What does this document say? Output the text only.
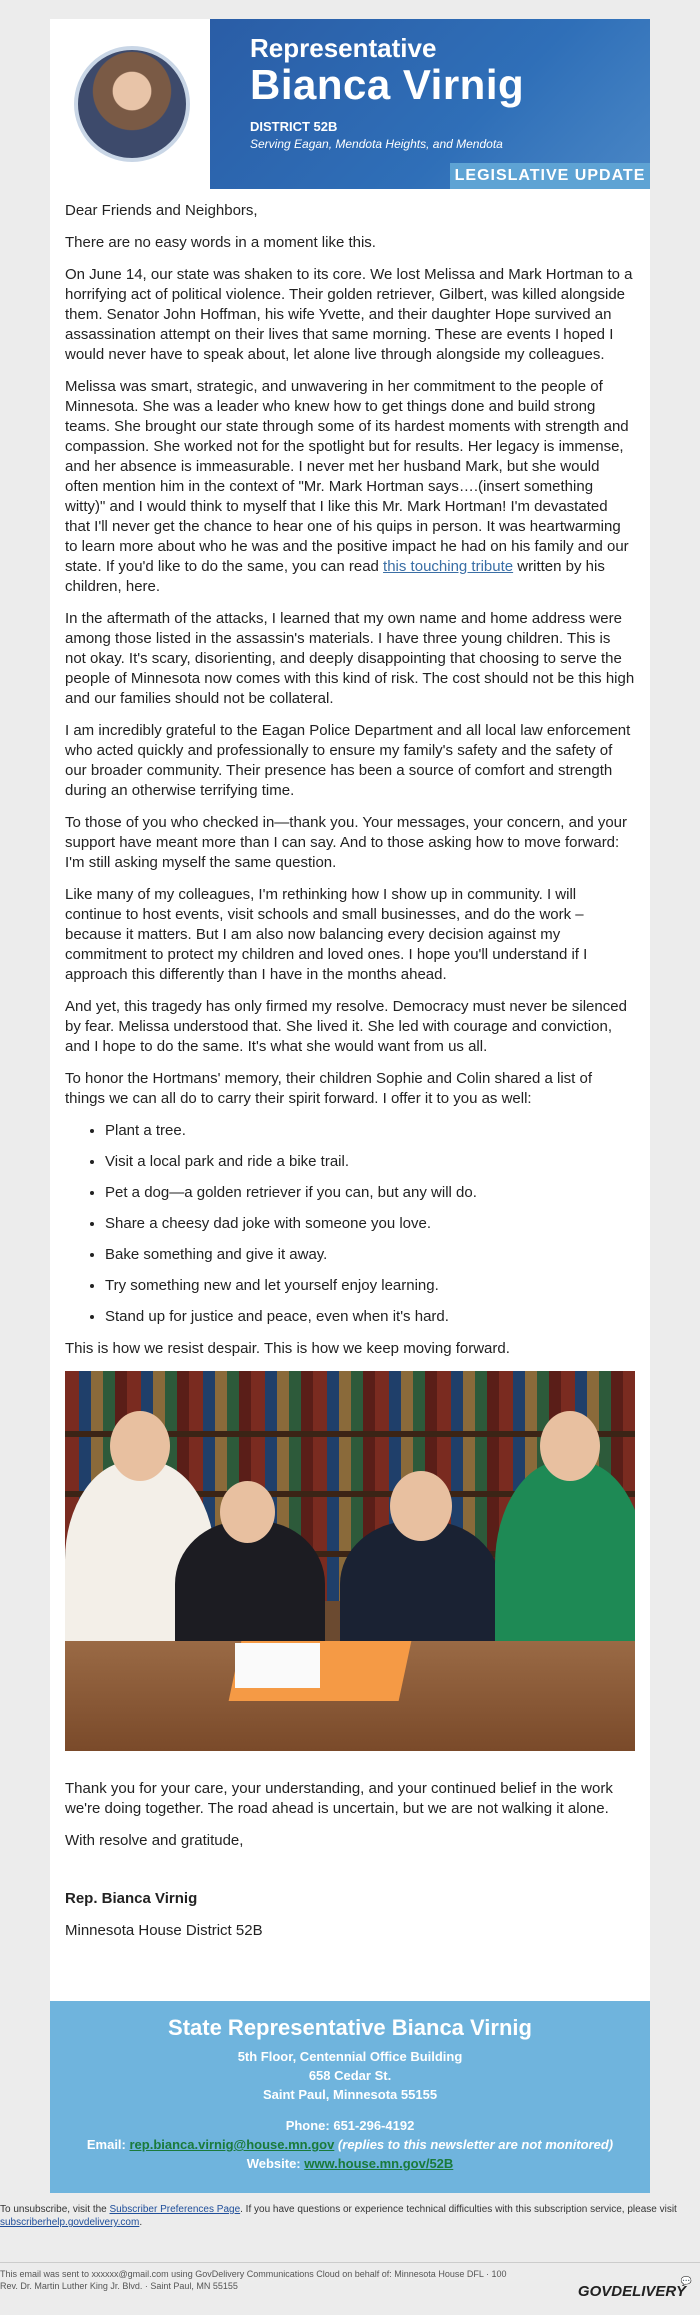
Representative
Bianca Virnig
DISTRICT 52B
Serving Eagan, Mendota Heights, and Mendota
LEGISLATIVE UPDATE

Dear Friends and Neighbors,

There are no easy words in a moment like this.

On June 14, our state was shaken to its core. We lost Melissa and Mark Hortman to a horrifying act of political violence. Their golden retriever, Gilbert, was killed alongside them. Senator John Hoffman, his wife Yvette, and their daughter Hope survived an assassination attempt on their lives that same morning. These are events I hoped I would never have to speak about, let alone live through alongside my colleagues.

Melissa was smart, strategic, and unwavering in her commitment to the people of Minnesota. She was a leader who knew how to get things done and build strong teams. She brought our state through some of its hardest moments with strength and compassion. She worked not for the spotlight but for results. Her legacy is immense, and her absence is immeasurable. I never met her husband Mark, but she would often mention him in the context of "Mr. Mark Hortman says….(insert something witty)" and I would think to myself that I like this Mr. Mark Hortman! I'm devastated that I'll never get the chance to hear one of his quips in person. It was heartwarming to learn more about who he was and the positive impact he had on his family and our state. If you'd like to do the same, you can read this touching tribute written by his children, here.

In the aftermath of the attacks, I learned that my own name and home address were among those listed in the assassin's materials. I have three young children. This is not okay. It's scary, disorienting, and deeply disappointing that choosing to serve the people of Minnesota now comes with this kind of risk. The cost should not be this high and our families should not be collateral.

I am incredibly grateful to the Eagan Police Department and all local law enforcement who acted quickly and professionally to ensure my family's safety and the safety of our broader community. Their presence has been a source of comfort and strength during an otherwise terrifying time.

To those of you who checked in—thank you. Your messages, your concern, and your support have meant more than I can say. And to those asking how to move forward: I'm still asking myself the same question.

Like many of my colleagues, I'm rethinking how I show up in community. I will continue to host events, visit schools and small businesses, and do the work – because it matters. But I am also now balancing every decision against my commitment to protect my children and loved ones. I hope you'll understand if I approach this differently than I have in the months ahead.

And yet, this tragedy has only firmed my resolve. Democracy must never be silenced by fear. Melissa understood that. She lived it. She led with courage and conviction, and I hope to do the same. It's what she would want from us all.

To honor the Hortmans' memory, their children Sophie and Colin shared a list of things we can all do to carry their spirit forward. I offer it to you as well:

• Plant a tree.
• Visit a local park and ride a bike trail.
• Pet a dog—a golden retriever if you can, but any will do.
• Share a cheesy dad joke with someone you love.
• Bake something and give it away.
• Try something new and let yourself enjoy learning.
• Stand up for justice and peace, even when it's hard.

This is how we resist despair. This is how we keep moving forward.

Thank you for your care, your understanding, and your continued belief in the work we're doing together. The road ahead is uncertain, but we are not walking it alone.

With resolve and gratitude,

Rep. Bianca Virnig

Minnesota House District 52B

State Representative Bianca Virnig
5th Floor, Centennial Office Building
658 Cedar St.
Saint Paul, Minnesota 55155
Phone: 651-296-4192
Email: rep.bianca.virnig@house.mn.gov (replies to this newsletter are not monitored)
Website: www.house.mn.gov/52B
To unsubscribe, visit the Subscriber Preferences Page. If you have questions or experience technical difficulties with this subscription service, please visit subscriberhelp.govdelivery.com.
This email was sent to xxxxxx@gmail.com using GovDelivery Communications Cloud on behalf of: Minnesota House DFL · 100
Rev. Dr. Martin Luther King Jr. Blvd. · Saint Paul, MN 55155	💬
GOVDELIVERY
